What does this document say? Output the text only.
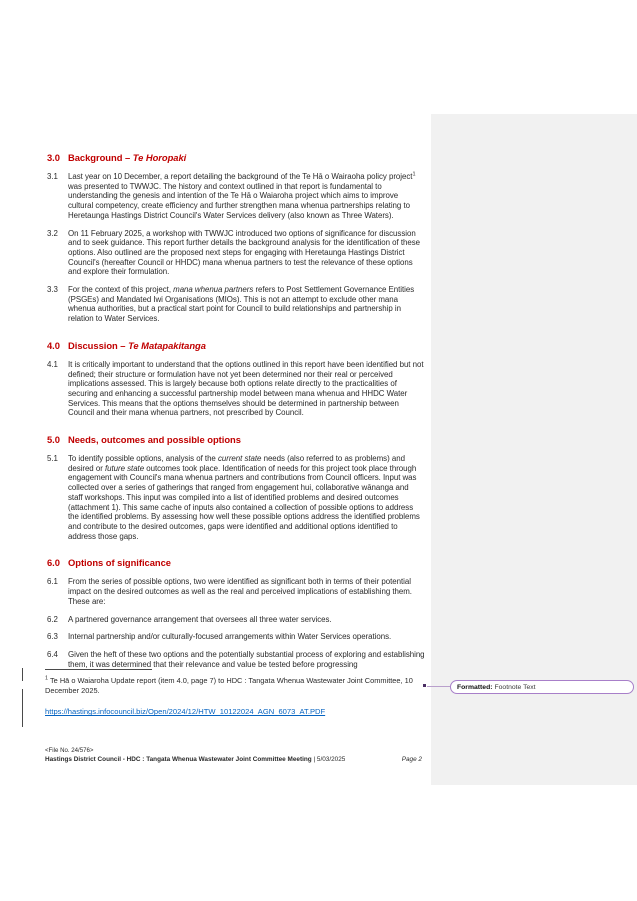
3.0 Background – Te Horopaki
3.1	Last year on 10 December, a report detailing the background of the Te Hā o Wairaoha policy project$^1$ was presented to TWWJC. The history and context outlined in that report is fundamental to understanding the genesis and intention of the Te Hā o Waiaroha project which aims to improve cultural competency, create efficiency and further strengthen mana whenua partnerships relating to Heretaunga Hastings District Council's Water Services delivery (also known as Three Waters).
3.2	On 11 February 2025, a workshop with TWWJC introduced two options of significance for discussion and to seek guidance. This report further details the background analysis for the identification of these options. Also outlined are the proposed next steps for engaging with Heretaunga Hastings District Council's (hereafter Council or HHDC) mana whenua partners to test the relevance of these options and explore their formulation.
3.3	For the context of this project, mana whenua partners refers to Post Settlement Governance Entities (PSGEs) and Mandated Iwi Organisations (MIOs). This is not an attempt to exclude other mana whenua authorities, but a practical start point for Council to build relationships and partnership in relation to Water Services.
4.0 Discussion – Te Matapakitanga
4.1	It is critically important to understand that the options outlined in this report have been identified but not defined; their structure or formulation have not yet been determined nor their real or perceived implications assessed. This is largely because both options relate directly to the practicalities of securing and enhancing a successful partnership model between mana whenua and HHDC Water Services. This means that the options themselves should be determined in partnership between Council and their mana whenua partners, not prescribed by Council.
5.0 Needs, outcomes and possible options
5.1	To identify possible options, analysis of the current state needs (also referred to as problems) and desired or future state outcomes took place. Identification of needs for this project took place through engagement with Council's mana whenua partners and contributions from Council officers. Input was collected over a series of gatherings that ranged from engagement hui, collaborative wānanga and staff workshops. This input was compiled into a list of identified problems and desired outcomes (attachment 1). This same cache of inputs also contained a collection of possible options to address the identified problems. By assessing how well these possible options address the identified problems and contribute to the desired outcomes, gaps were identified and additional options identified to address those gaps.
6.0 Options of significance
6.1	From the series of possible options, two were identified as significant both in terms of their potential impact on the desired outcomes as well as the real and perceived implications of establishing them. These are:
6.2	A partnered governance arrangement that oversees all three water services.
6.3	Internal partnership and/or culturally-focused arrangements within Water Services operations.
6.4	Given the heft of these two options and the potentially substantial process of exploring and establishing them, it was determined that their relevance and value be tested before progressing
$^1$ Te Hā o Waiaroha Update report (item 4.0, page 7) to HDC : Tangata Whenua Wastewater Joint Committee, 10 December 2025.
https://hastings.infocouncil.biz/Open/2024/12/HTW_10122024_AGN_6073_AT.PDF
<File No. 24/576>
Hastings District Council - HDC : Tangata Whenua Wastewater Joint Committee Meeting | 5/03/2025	Page 2
Formatted: Footnote Text
